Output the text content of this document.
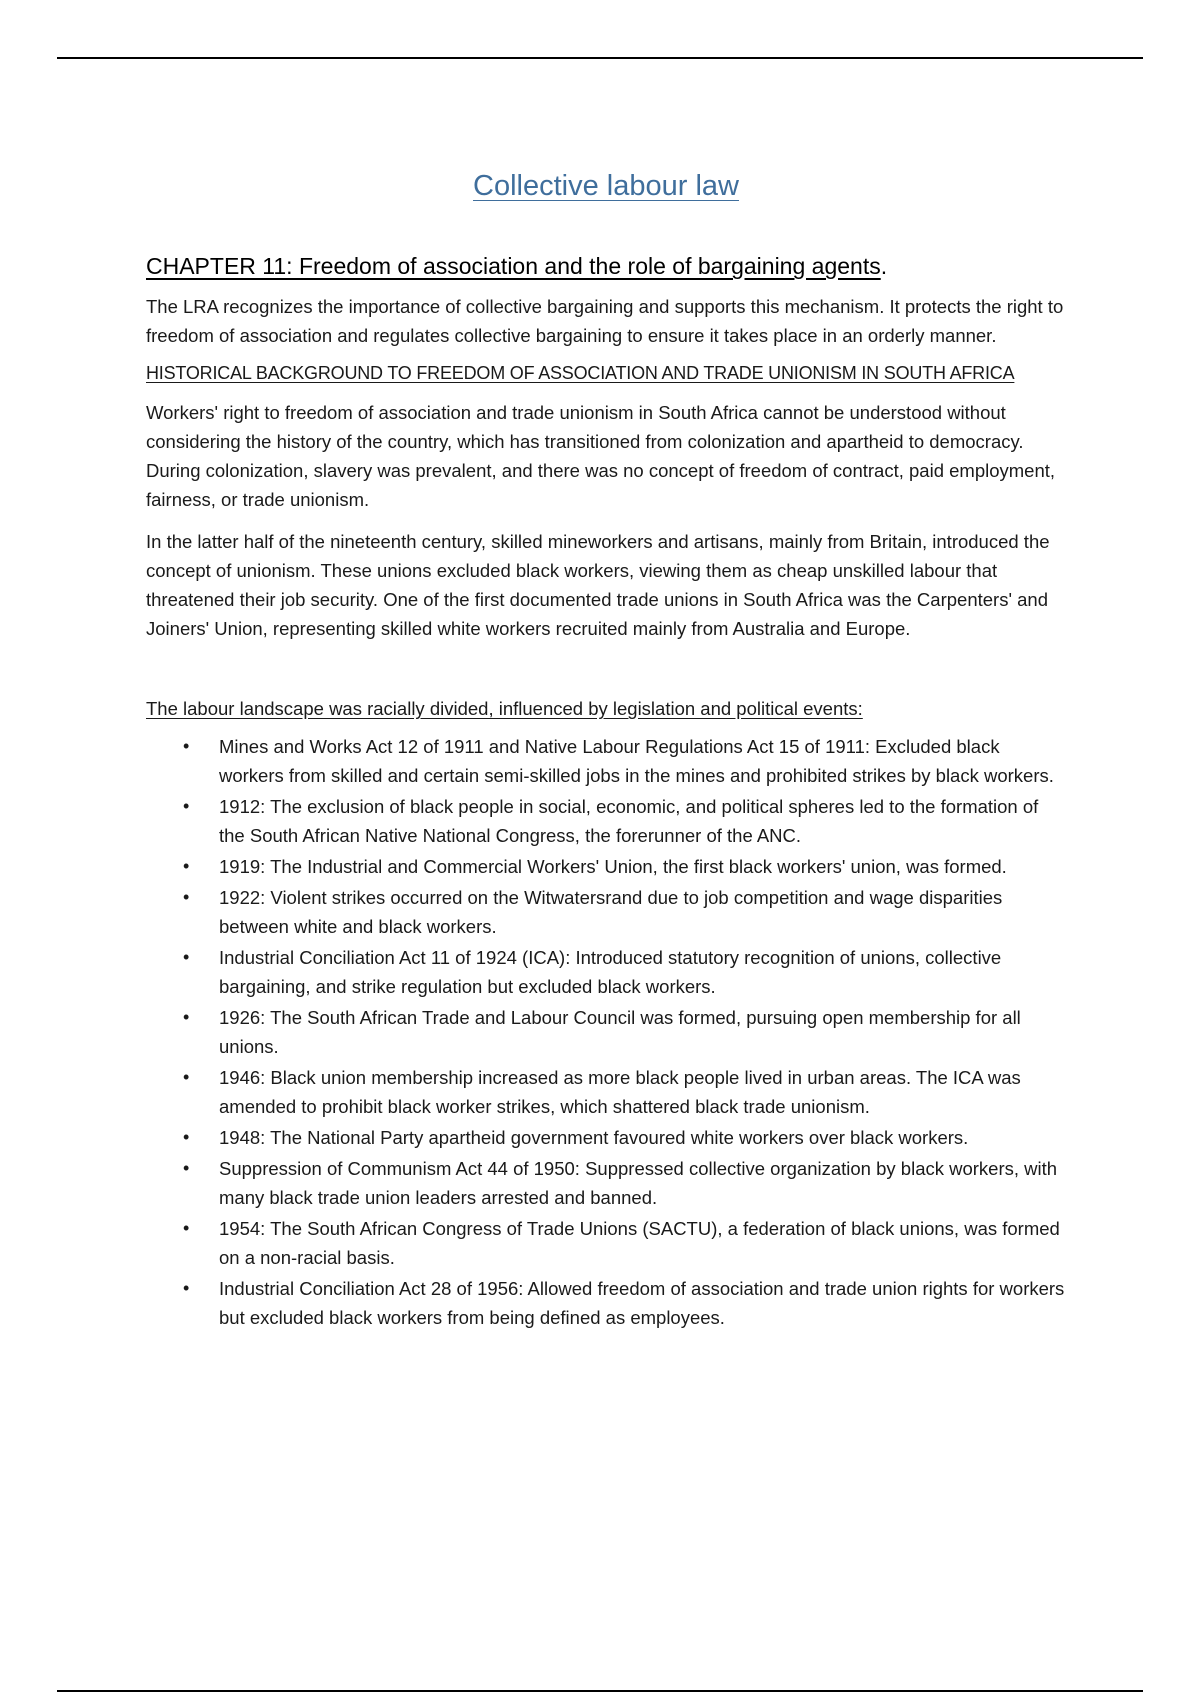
Collective labour law
CHAPTER 11: Freedom of association and the role of bargaining agents.

The LRA recognizes the importance of collective bargaining and supports this mechanism. It protects the right to freedom of association and regulates collective bargaining to ensure it takes place in an orderly manner.

HISTORICAL BACKGROUND TO FREEDOM OF ASSOCIATION AND TRADE UNIONISM IN SOUTH AFRICA

Workers' right to freedom of association and trade unionism in South Africa cannot be understood without considering the history of the country, which has transitioned from colonization and apartheid to democracy. During colonization, slavery was prevalent, and there was no concept of freedom of contract, paid employment, fairness, or trade unionism.

In the latter half of the nineteenth century, skilled mineworkers and artisans, mainly from Britain, introduced the concept of unionism. These unions excluded black workers, viewing them as cheap unskilled labour that threatened their job security. One of the first documented trade unions in South Africa was the Carpenters' and Joiners' Union, representing skilled white workers recruited mainly from Australia and Europe.

The labour landscape was racially divided, influenced by legislation and political events:
• Mines and Works Act 12 of 1911 and Native Labour Regulations Act 15 of 1911: Excluded black workers from skilled and certain semi-skilled jobs in the mines and prohibited strikes by black workers.
• 1912: The exclusion of black people in social, economic, and political spheres led to the formation of the South African Native National Congress, the forerunner of the ANC.
• 1919: The Industrial and Commercial Workers' Union, the first black workers' union, was formed.
• 1922: Violent strikes occurred on the Witwatersrand due to job competition and wage disparities between white and black workers.
• Industrial Conciliation Act 11 of 1924 (ICA): Introduced statutory recognition of unions, collective bargaining, and strike regulation but excluded black workers.
• 1926: The South African Trade and Labour Council was formed, pursuing open membership for all unions.
• 1946: Black union membership increased as more black people lived in urban areas. The ICA was amended to prohibit black worker strikes, which shattered black trade unionism.
• 1948: The National Party apartheid government favoured white workers over black workers.
• Suppression of Communism Act 44 of 1950: Suppressed collective organization by black workers, with many black trade union leaders arrested and banned.
• 1954: The South African Congress of Trade Unions (SACTU), a federation of black unions, was formed on a non-racial basis.
• Industrial Conciliation Act 28 of 1956: Allowed freedom of association and trade union rights for workers but excluded black workers from being defined as employees.
